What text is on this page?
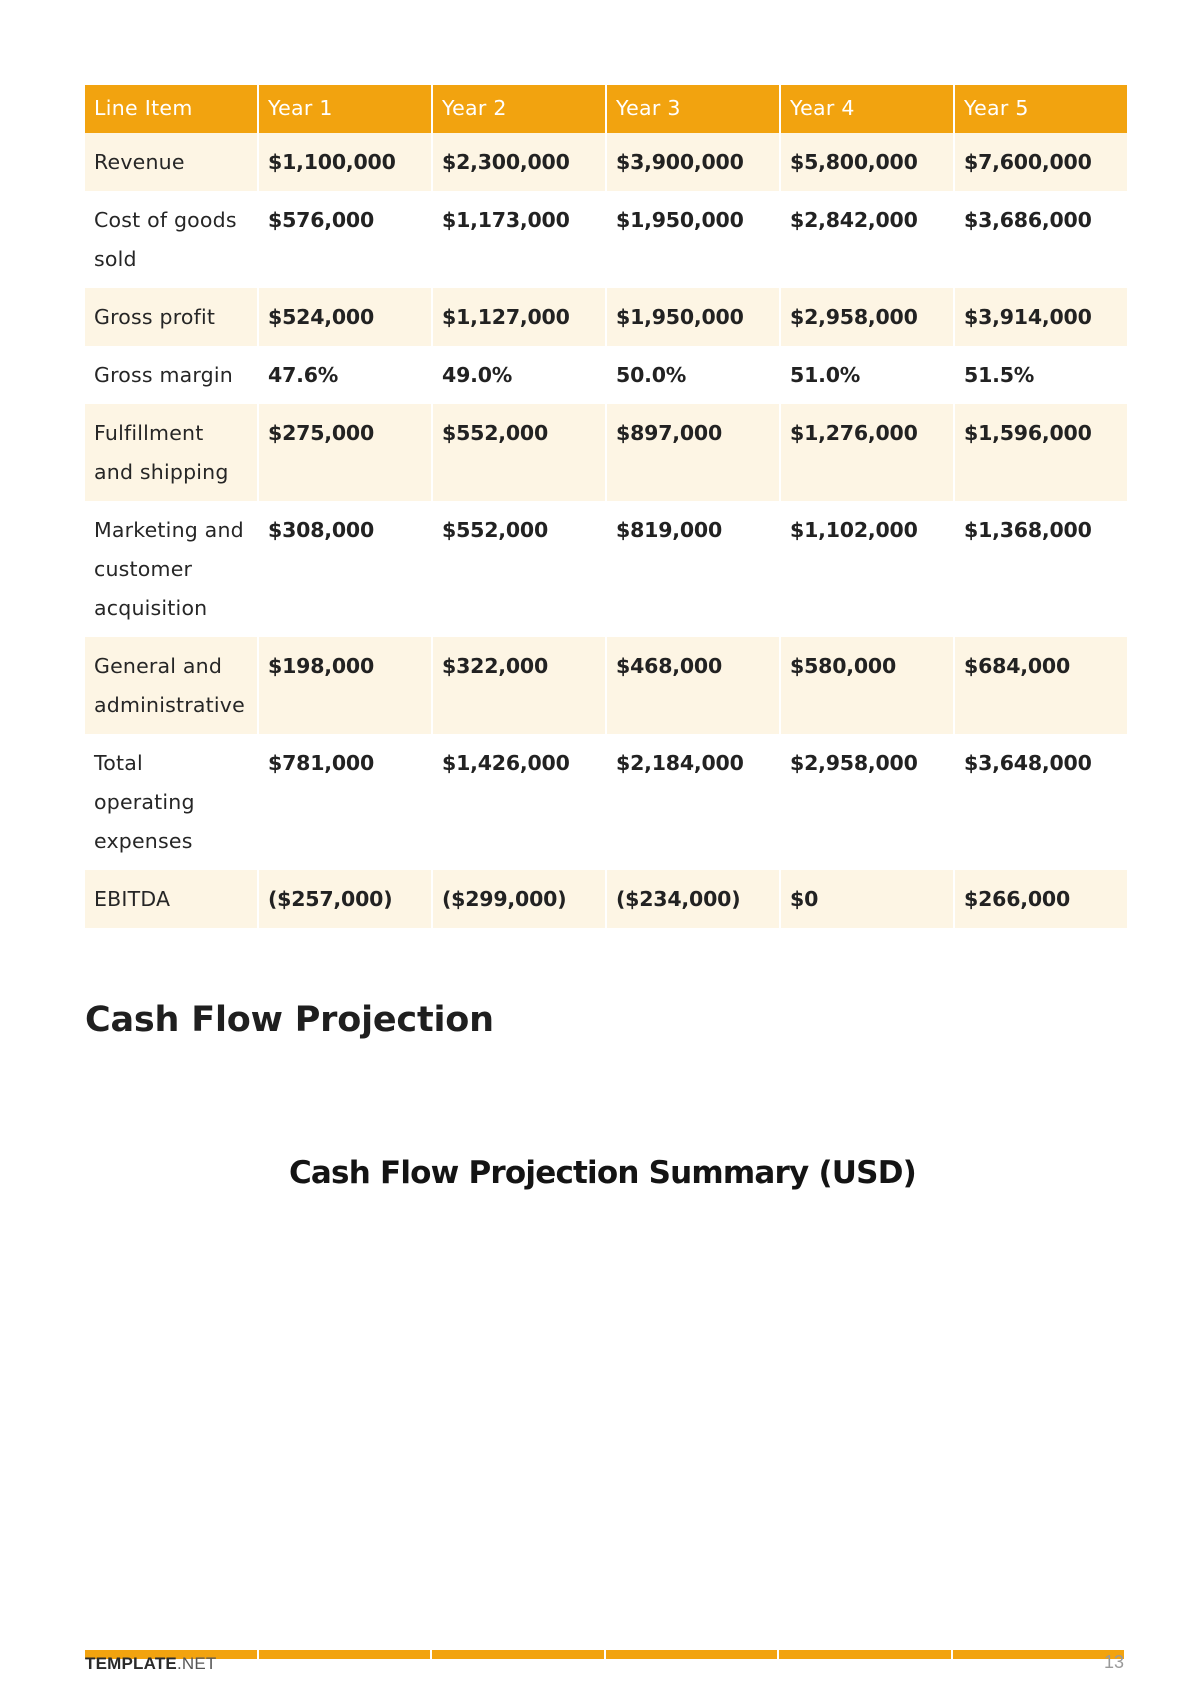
Line Item	Year 1	Year 2	Year 3	Year 4	Year 5
Revenue	$1,100,000	$2,300,000	$3,900,000	$5,800,000	$7,600,000
Cost of goods sold	$576,000	$1,173,000	$1,950,000	$2,842,000	$3,686,000
Gross profit	$524,000	$1,127,000	$1,950,000	$2,958,000	$3,914,000
Gross margin	47.6%	49.0%	50.0%	51.0%	51.5%
Fulfillment and shipping	$275,000	$552,000	$897,000	$1,276,000	$1,596,000
Marketing and customer acquisition	$308,000	$552,000	$819,000	$1,102,000	$1,368,000
General and administrative	$198,000	$322,000	$468,000	$580,000	$684,000
Total operating expenses	$781,000	$1,426,000	$2,184,000	$2,958,000	$3,648,000
EBITDA	($257,000)	($299,000)	($234,000)	$0	$266,000
Cash Flow Projection
Cash Flow Projection Summary (USD)
TEMPLATE.NET	13
